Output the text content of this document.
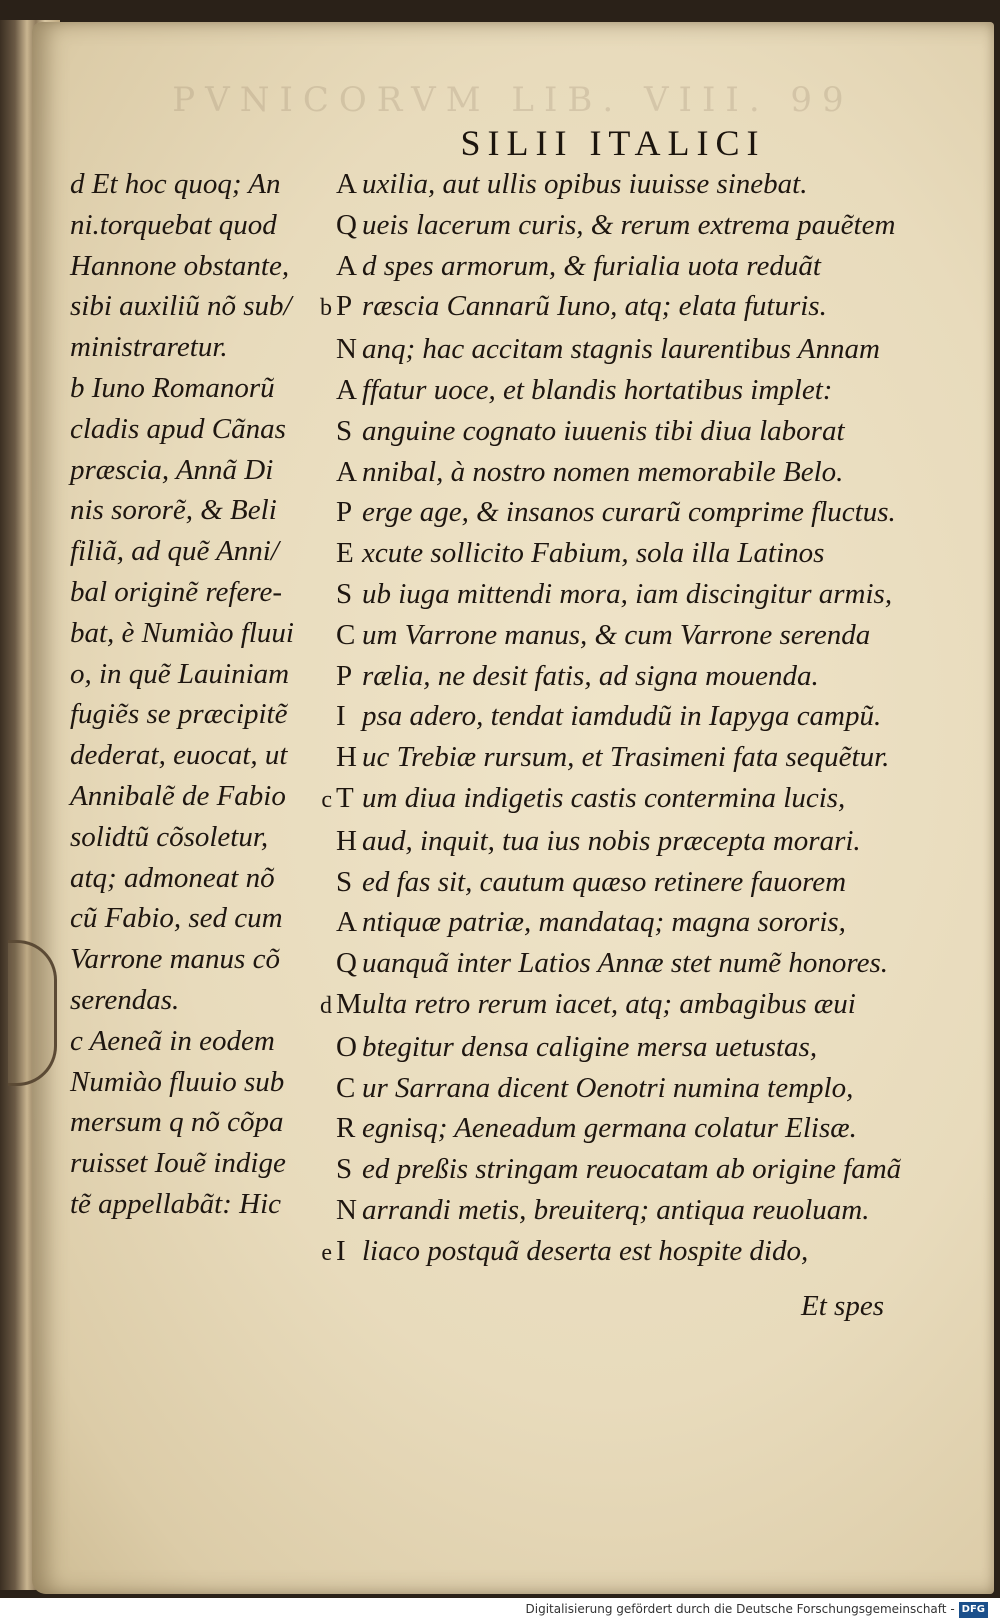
PVNICORVM LIB. VIII. 99
SILII ITALICI
d Et hoc quoq; An
ni.torquebat quod
Hannone obstante,
sibi auxiliũ nõ sub/
ministraretur.
b Iuno Romanorũ
cladis apud Cãnas
præscia, Annã Di
nis sororẽ, & Beli
filiã, ad quẽ Anni/
bal originẽ refere-
bat, è Numiào fluui
o, in quẽ Lauiniam
fugiẽs se præcipitẽ
dederat, euocat, ut
Annibalẽ de Fabio
solidtũ cõsoletur,
atq; admoneat nõ
cũ Fabio, sed cum
Varrone manus cõ
serendas.
c Aeneã in eodem
Numiào fluuio sub
mersum q nõ cõpa
ruisset Iouẽ indige
tẽ appellabãt: Hic
A uxilia, aut ullis opibus iuuisse sinebat.
Q ueis lacerum curis, & rerum extrema pauẽtem
A d spes armorum, & furialia uota reduãt
b P ræscia Cannarũ Iuno, atq; elata futuris.
N anq; hac accitam stagnis laurentibus Annam
A ffatur uoce, et blandis hortatibus implet:
S anguine cognato iuuenis tibi diua laborat
A nnibal, à nostro nomen memorabile Belo.
P erge age, & insanos curarũ comprime fluctus.
E xcute sollicito Fabium, sola illa Latinos
S ub iuga mittendi mora, iam discingitur armis,
C um Varrone manus, & cum Varrone serenda
P rælia, ne desit fatis, ad signa mouenda.
I psa adero, tendat iamdudũ in Iapyga campũ.
H uc Trebiæ rursum, et Trasimeni fata sequẽtur.
c T um diua indigetis castis contermina lucis,
H aud, inquit, tua ius nobis præcepta morari.
S ed fas sit, cautum quæso retinere fauorem
A ntiquæ patriæ, mandataq; magna sororis,
Q uanquã inter Latios Annæ stet numẽ honores.
d Multa retro rerum iacet, atq; ambagibus æui
O btegitur densa caligine mersa uetustas,
C ur Sarrana dicent Oenotri numina templo,
R egnisq; Aeneadum germana colatur Elisæ.
S ed preßis stringam reuocatam ab origine famã
N arrandi metis, breuiterq; antiqua reuoluam.
e I liaco postquã deserta est hospite dido,
Et spes
Digitalisierung gefördert durch die Deutsche Forschungsgemeinschaft - DFG
